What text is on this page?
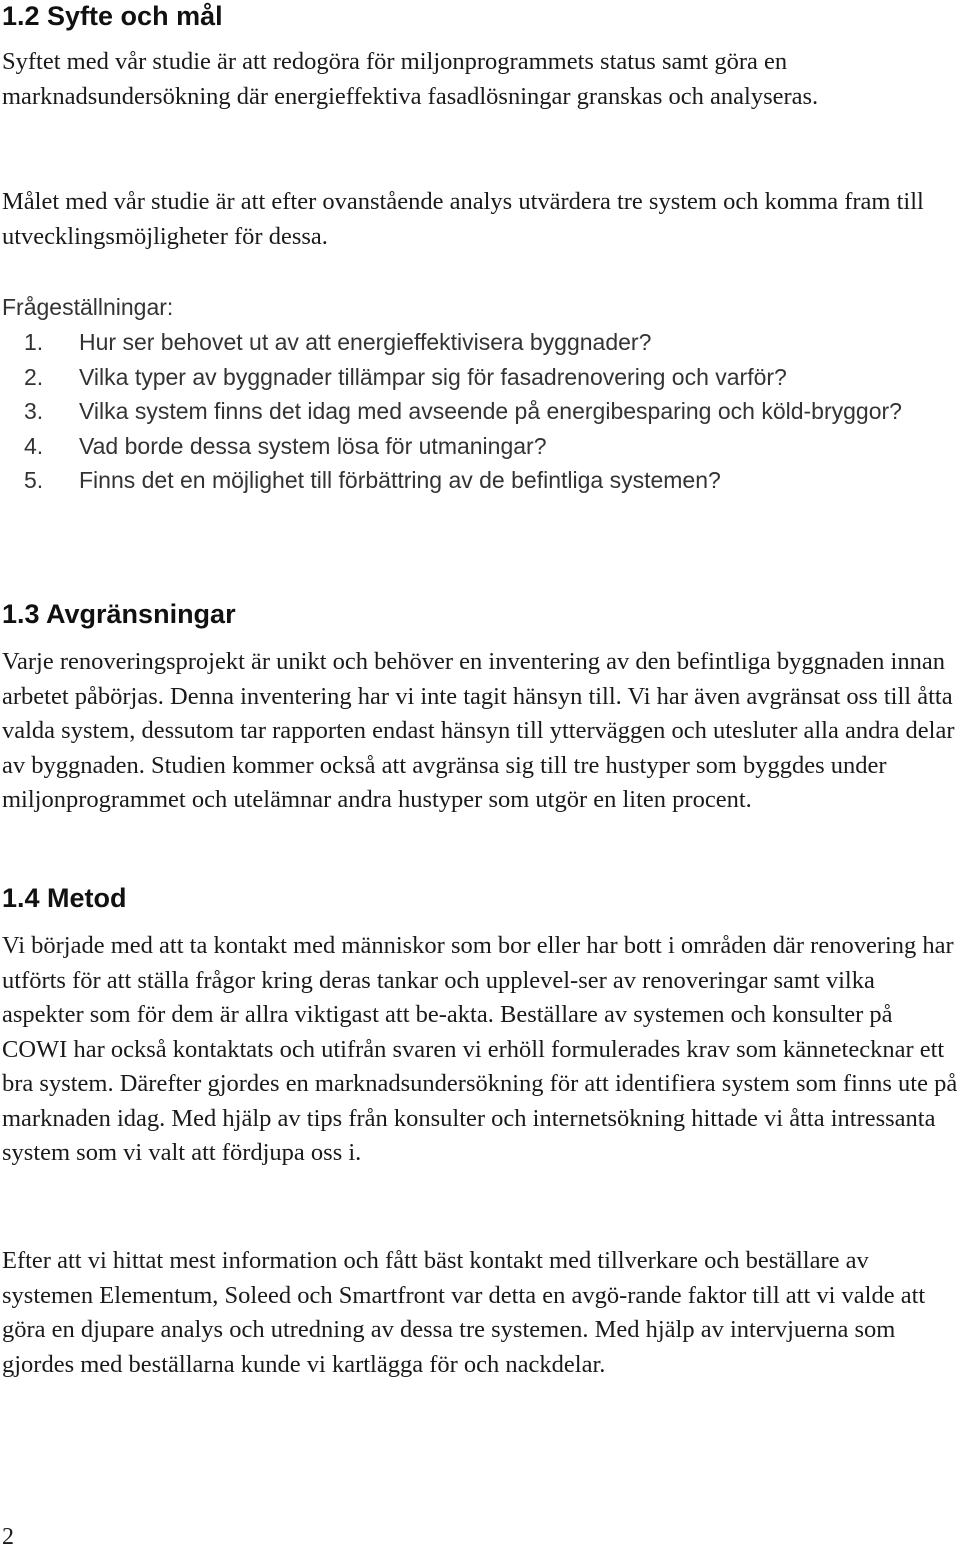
1.2 Syfte och mål

Syftet med vår studie är att redogöra för miljonprogrammets status samt göra en marknadsundersökning där energieffektiva fasadlösningar granskas och analyseras.

Målet med vår studie är att efter ovanstående analys utvärdera tre system och komma fram till utvecklingsmöjligheter för dessa.

Frågeställningar:

1. Hur ser behovet ut av att energieffektivisera byggnader?
2. Vilka typer av byggnader tillämpar sig för fasadrenovering och varför?
3. Vilka system finns det idag med avseende på energibesparing och köld-bryggor?
4. Vad borde dessa system lösa för utmaningar?
5. Finns det en möjlighet till förbättring av de befintliga systemen?
1.3 Avgränsningar

Varje renoveringsprojekt är unikt och behöver en inventering av den befintliga byggnaden innan arbetet påbörjas. Denna inventering har vi inte tagit hänsyn till. Vi har även avgränsat oss till åtta valda system, dessutom tar rapporten endast hänsyn till ytterväggen och utesluter alla andra delar av byggnaden. Studien kommer också att avgränsa sig till tre hustyper som byggdes under miljonprogrammet och utelämnar andra hustyper som utgör en liten procent.

1.4 Metod

Vi började med att ta kontakt med människor som bor eller har bott i områden där renovering har utförts för att ställa frågor kring deras tankar och upplevel-ser av renoveringar samt vilka aspekter som för dem är allra viktigast att be-akta. Beställare av systemen och konsulter på COWI har också kontaktats och utifrån svaren vi erhöll formulerades krav som kännetecknar ett bra system. Därefter gjordes en marknadsundersökning för att identifiera system som finns ute på marknaden idag. Med hjälp av tips från konsulter och internetsökning hittade vi åtta intressanta system som vi valt att fördjupa oss i.

Efter att vi hittat mest information och fått bäst kontakt med tillverkare och beställare av systemen Elementum, Soleed och Smartfront var detta en avgö-rande faktor till att vi valde att göra en djupare analys och utredning av dessa tre systemen. Med hjälp av intervjuerna som gjordes med beställarna kunde vi kartlägga för och nackdelar.

2
